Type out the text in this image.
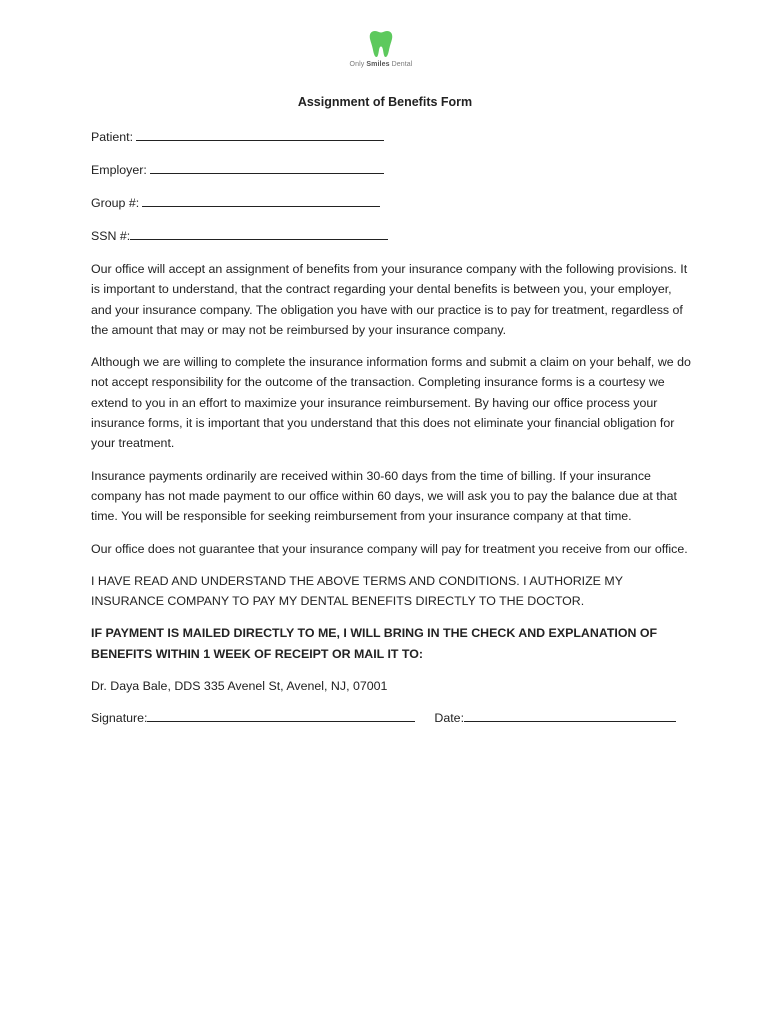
Only Smiles Dental
Assignment of Benefits Form
Patient:
Employer:
Group #:
SSN #:

Our office will accept an assignment of benefits from your insurance company with the following provisions. It is important to understand, that the contract regarding your dental benefits is between you, your employer, and your insurance company. The obligation you have with our practice is to pay for treatment, regardless of the amount that may or may not be reimbursed by your insurance company.

Although we are willing to complete the insurance information forms and submit a claim on your behalf, we do not accept responsibility for the outcome of the transaction. Completing insurance forms is a courtesy we extend to you in an effort to maximize your insurance reimbursement. By having our office process your insurance forms, it is important that you understand that this does not eliminate your financial obligation for your treatment.

Insurance payments ordinarily are received within 30-60 days from the time of billing. If your insurance company has not made payment to our office within 60 days, we will ask you to pay the balance due at that time. You will be responsible for seeking reimbursement from your insurance company at that time.

Our office does not guarantee that your insurance company will pay for treatment you receive from our office.

I HAVE READ AND UNDERSTAND THE ABOVE TERMS AND CONDITIONS. I AUTHORIZE MY INSURANCE COMPANY TO PAY MY DENTAL BENEFITS DIRECTLY TO THE DOCTOR.

IF PAYMENT IS MAILED DIRECTLY TO ME, I WILL BRING IN THE CHECK AND EXPLANATION OF BENEFITS WITHIN 1 WEEK OF RECEIPT OR MAIL IT TO:

Dr. Daya Bale, DDS 335 Avenel St, Avenel, NJ, 07001

Signature:	Date:
